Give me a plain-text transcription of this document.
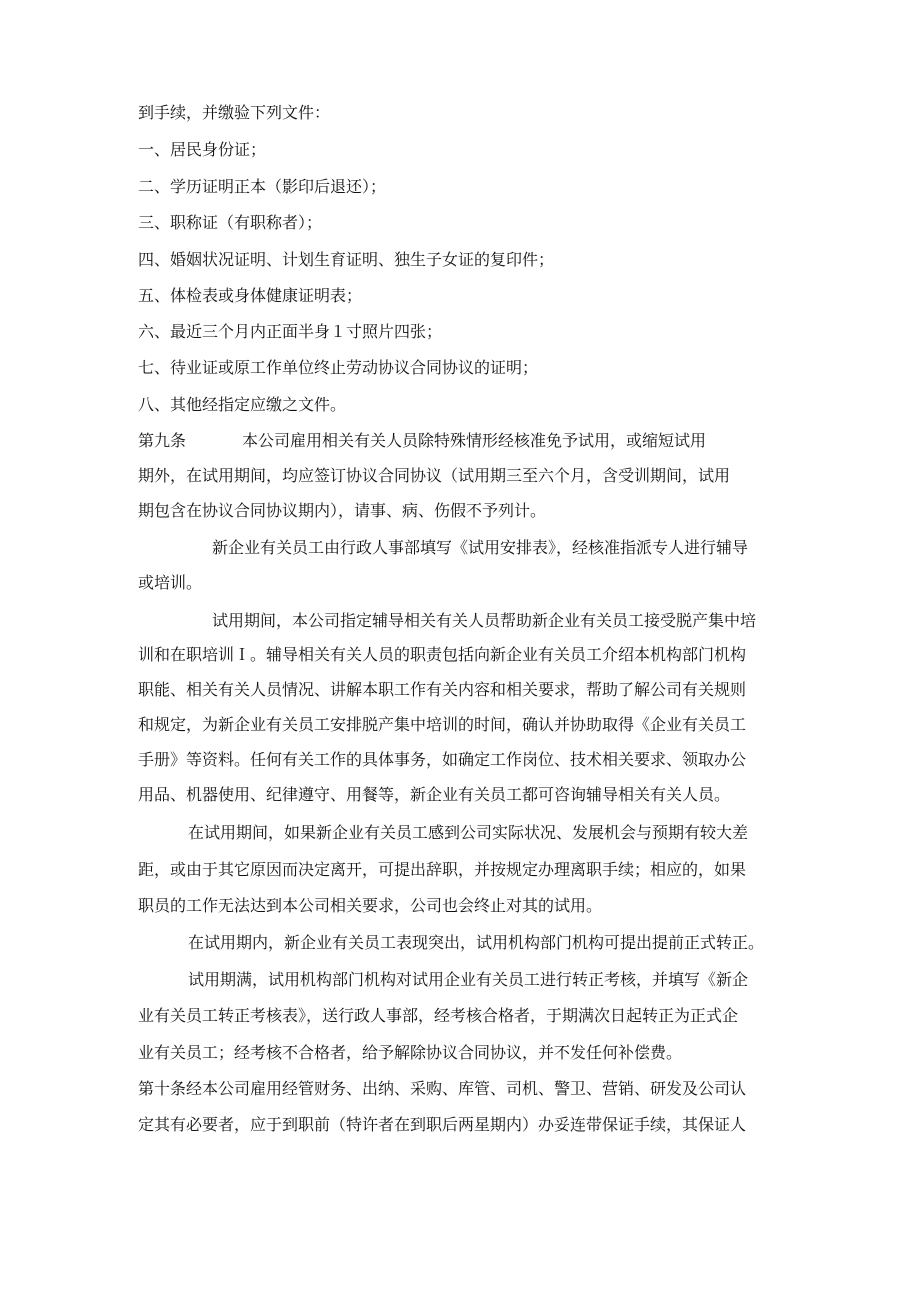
到手续，并缴验下列文件：
一、居民身份证；
二、学历证明正本（影印后退还）；
三、职称证（有职称者）；
四、婚姻状况证明、计划生育证明、独生子女证的复印件；
五、体检表或身体健康证明表；
六、最近三个月内正面半身１寸照片四张；
七、待业证或原工作单位终止劳动协议合同协议的证明；
八、其他经指定应缴之文件。
第九条	本公司雇用相关有关人员除特殊情形经核准免予试用，或缩短试用
期外，在试用期间，均应签订协议合同协议（试用期三至六个月，含受训期间，试用
期包含在协议合同协议期内），请事、病、伤假不予列计。
新企业有关员工由行政人事部填写《试用安排表》，经核准指派专人进行辅导
或培训。
试用期间，本公司指定辅导相关有关人员帮助新企业有关员工接受脱产集中培
训和在职培训Ｉ。辅导相关有关人员的职责包括向新企业有关员工介绍本机构部门机构
职能、相关有关人员情况、讲解本职工作有关内容和相关要求，帮助了解公司有关规则
和规定，为新企业有关员工安排脱产集中培训的时间，确认并协助取得《企业有关员工
手册》等资料。任何有关工作的具体事务，如确定工作岗位、技术相关要求、领取办公
用品、机器使用、纪律遵守、用餐等，新企业有关员工都可咨询辅导相关有关人员。
在试用期间，如果新企业有关员工感到公司实际状况、发展机会与预期有较大差
距，或由于其它原因而决定离开，可提出辞职，并按规定办理离职手续；相应的，如果
职员的工作无法达到本公司相关要求，公司也会终止对其的试用。
在试用期内，新企业有关员工表现突出，试用机构部门机构可提出提前正式转正。
试用期满，试用机构部门机构对试用企业有关员工进行转正考核，并填写《新企
业有关员工转正考核表》，送行政人事部，经考核合格者，于期满次日起转正为正式企
业有关员工；经考核不合格者，给予解除协议合同协议，并不发任何补偿费。
第十条经本公司雇用经管财务、出纳、采购、库管、司机、警卫、营销、研发及公司认
定其有必要者，应于到职前（特许者在到职后两星期内）办妥连带保证手续，其保证人
